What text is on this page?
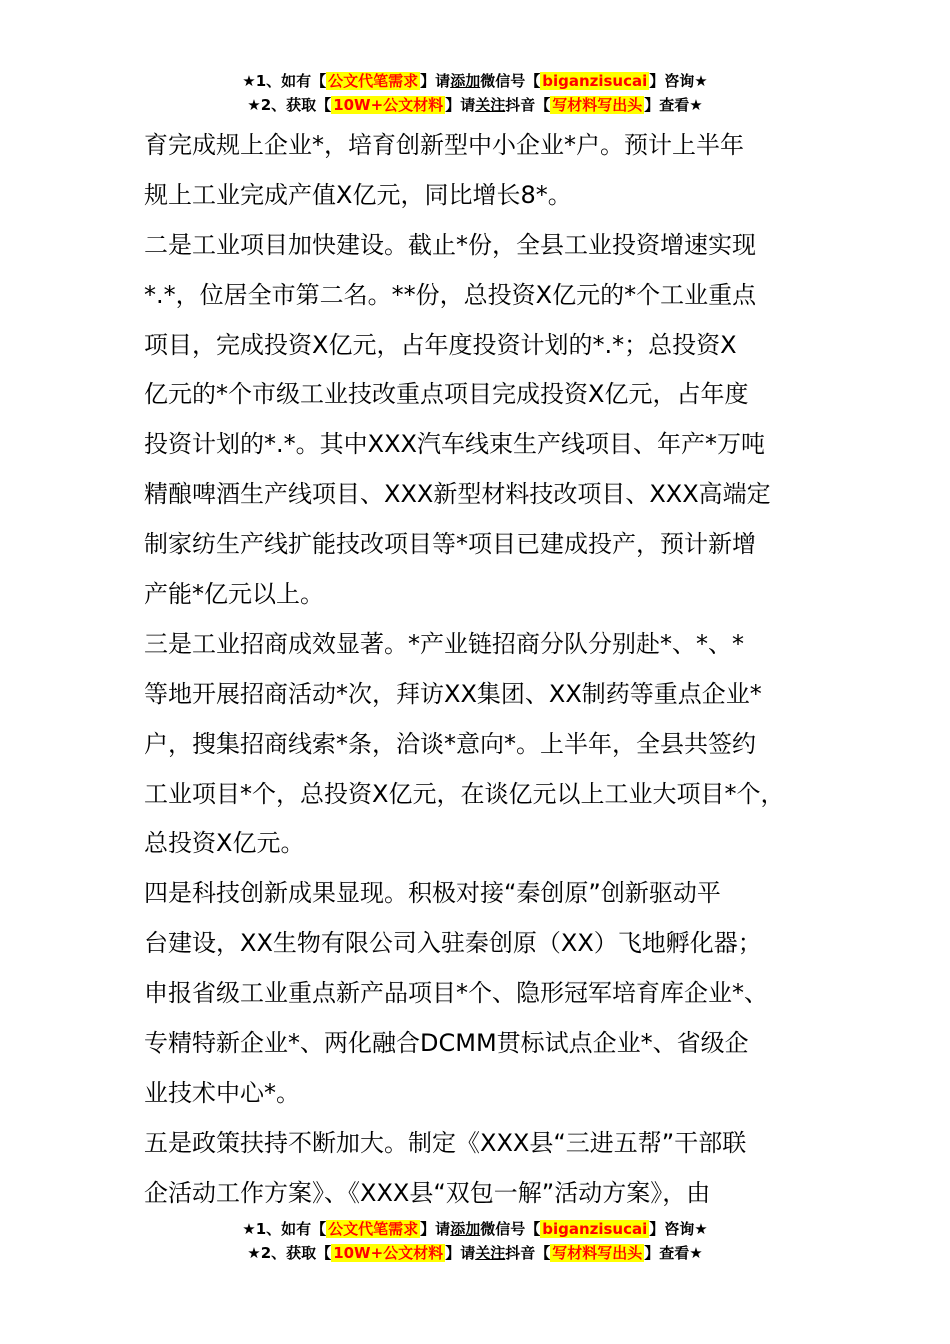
★1、如有【 公文代笔需求 】请添加微信号【 biganzisucai 】咨询★
★2、获取【 10W+公文材料 】请关注抖音【 写材料写出头 】查看★
育完成规上企业*，培育创新型中小企业*户。预计上半年
规上工业完成产值X亿元，同比增长8*。
二是工业项目加快建设。截止*份，全县工业投资增速实现
*.*，位居全市第二名。**份，总投资X亿元的*个工业重点
项目，完成投资X亿元，占年度投资计划的*.*；总投资X
亿元的*个市级工业技改重点项目完成投资X亿元，占年度
投资计划的*.*。其中XXX汽车线束生产线项目、年产*万吨
精酿啤酒生产线项目、XXX新型材料技改项目、XXX高端定
制家纺生产线扩能技改项目等*项目已建成投产，预计新增
产能*亿元以上。
三是工业招商成效显著。*产业链招商分队分别赴*、*、*
等地开展招商活动*次，拜访XX集团、XX制药等重点企业*
户，搜集招商线索*条，洽谈*意向*。上半年，全县共签约
工业项目*个，总投资X亿元，在谈亿元以上工业大项目*个，
总投资X亿元。
四是科技创新成果显现。积极对接“秦创原”创新驱动平
台建设，XX生物有限公司入驻秦创原（XX）飞地孵化器；
申报省级工业重点新产品项目*个、隐形冠军培育库企业*、
专精特新企业*、两化融合DCMM贯标试点企业*、省级企
业技术中心*。
五是政策扶持不断加大。制定《XXX县“三进五帮”干部联
企活动工作方案》、《XXX县“双包一解”活动方案》，由
★1、如有【 公文代笔需求 】请添加微信号【 biganzisucai 】咨询★
★2、获取【 10W+公文材料 】请关注抖音【 写材料写出头 】查看★
